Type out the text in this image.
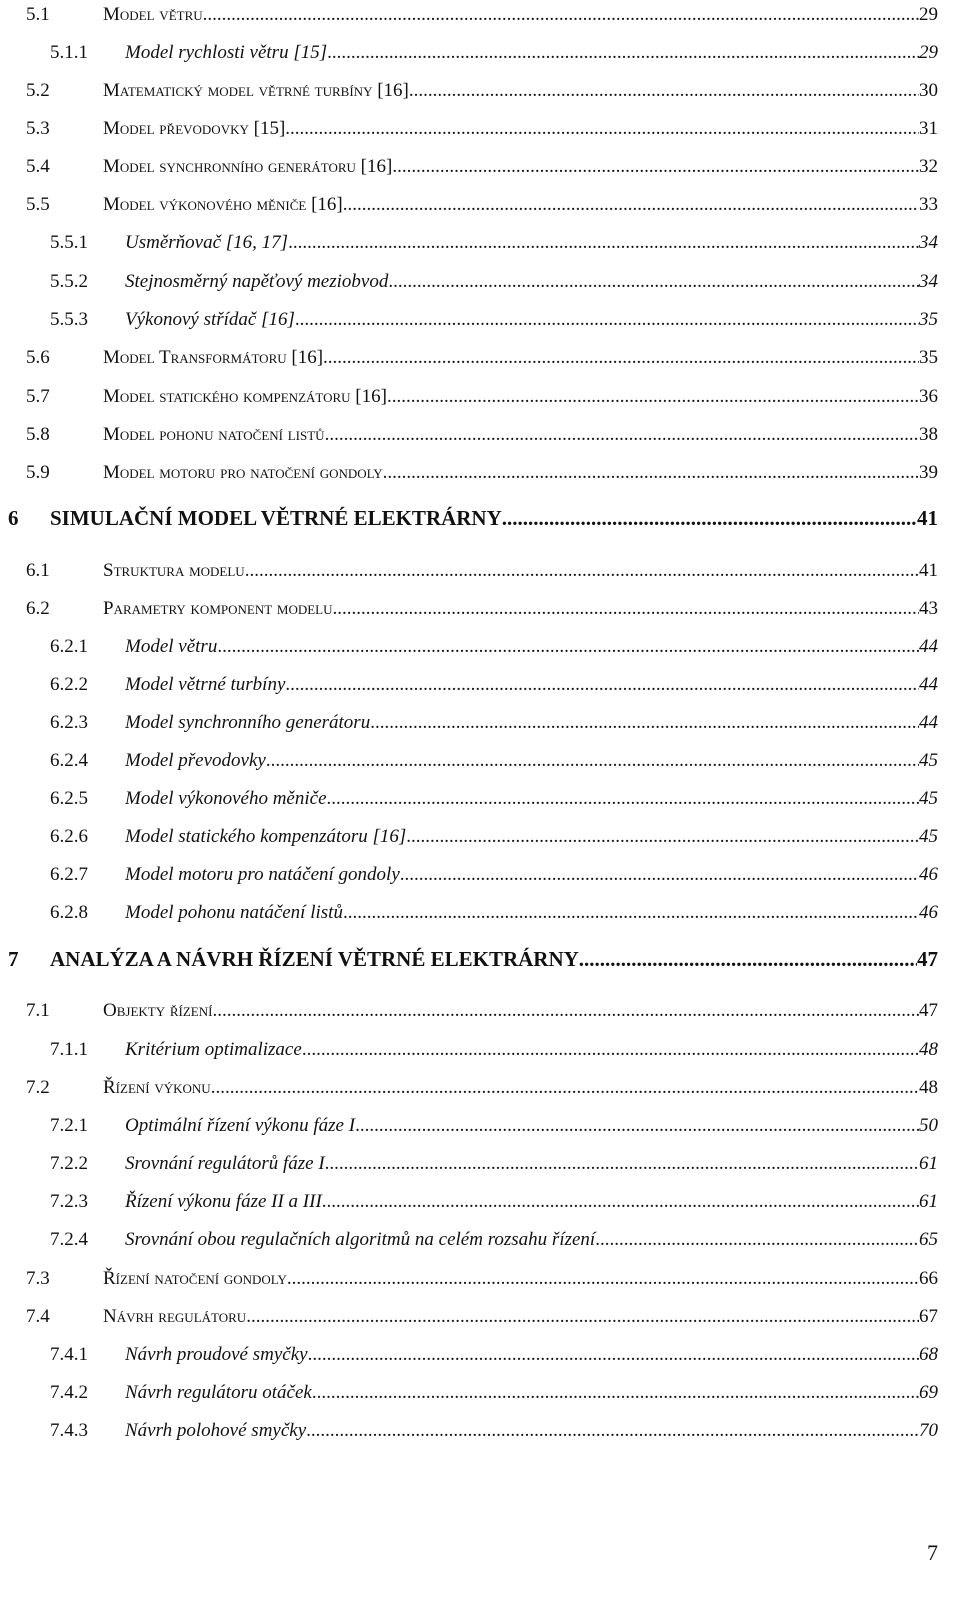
5.1	Model větru .....	29
5.1.1 Model rychlosti větru [15] .....	29
5.2	Matematický model větrné turbíny [16] .....	30
5.3	Model převodovky [15] .....	31
5.4	Model synchronního generátoru [16] .....	32
5.5	Model výkonového měniče [16] .....	33
5.5.1 Usměrňovač [16, 17] .....	34
5.5.2 Stejnosměrný napěťový meziobvod .....	34
5.5.3 Výkonový střídač [16] .....	35
5.6	Model Transformátoru [16] .....	35
5.7	Model statického kompenzátoru [16] .....	36
5.8	Model pohonu natočení listů .....	38
5.9	Model motoru pro natočení gondoly .....	39
6 SIMULAČNÍ MODEL VĚTRNÉ ELEKTRÁRNY .....	41
6.1	Struktura modelu .....	41
6.2	Parametry komponent modelu .....	43
6.2.1 Model větru .....	44
6.2.2 Model větrné turbíny .....	44
6.2.3 Model synchronního generátoru .....	44
6.2.4 Model převodovky .....	45
6.2.5 Model výkonového měniče .....	45
6.2.6 Model statického kompenzátoru [16] .....	45
6.2.7 Model motoru pro natáčení gondoly .....	46
6.2.8 Model pohonu natáčení listů .....	46
7 ANALÝZA A NÁVRH ŘÍZENÍ VĚTRNÉ ELEKTRÁRNY .....	47
7.1	Objekty řízení .....	47
7.1.1 Kritérium optimalizace .....	48
7.2	Řízení výkonu .....	48
7.2.1 Optimální řízení výkonu fáze I .....	50
7.2.2 Srovnání regulátorů fáze I .....	61
7.2.3 Řízení výkonu fáze II a III .....	61
7.2.4 Srovnání obou regulačních algoritmů na celém rozsahu řízení .....	65
7.3	Řízení natočení gondoly .....	66
7.4	Návrh regulátoru .....	67
7.4.1 Návrh proudové smyčky .....	68
7.4.2 Návrh regulátoru otáček .....	69
7.4.3 Návrh polohové smyčky .....	70
7
